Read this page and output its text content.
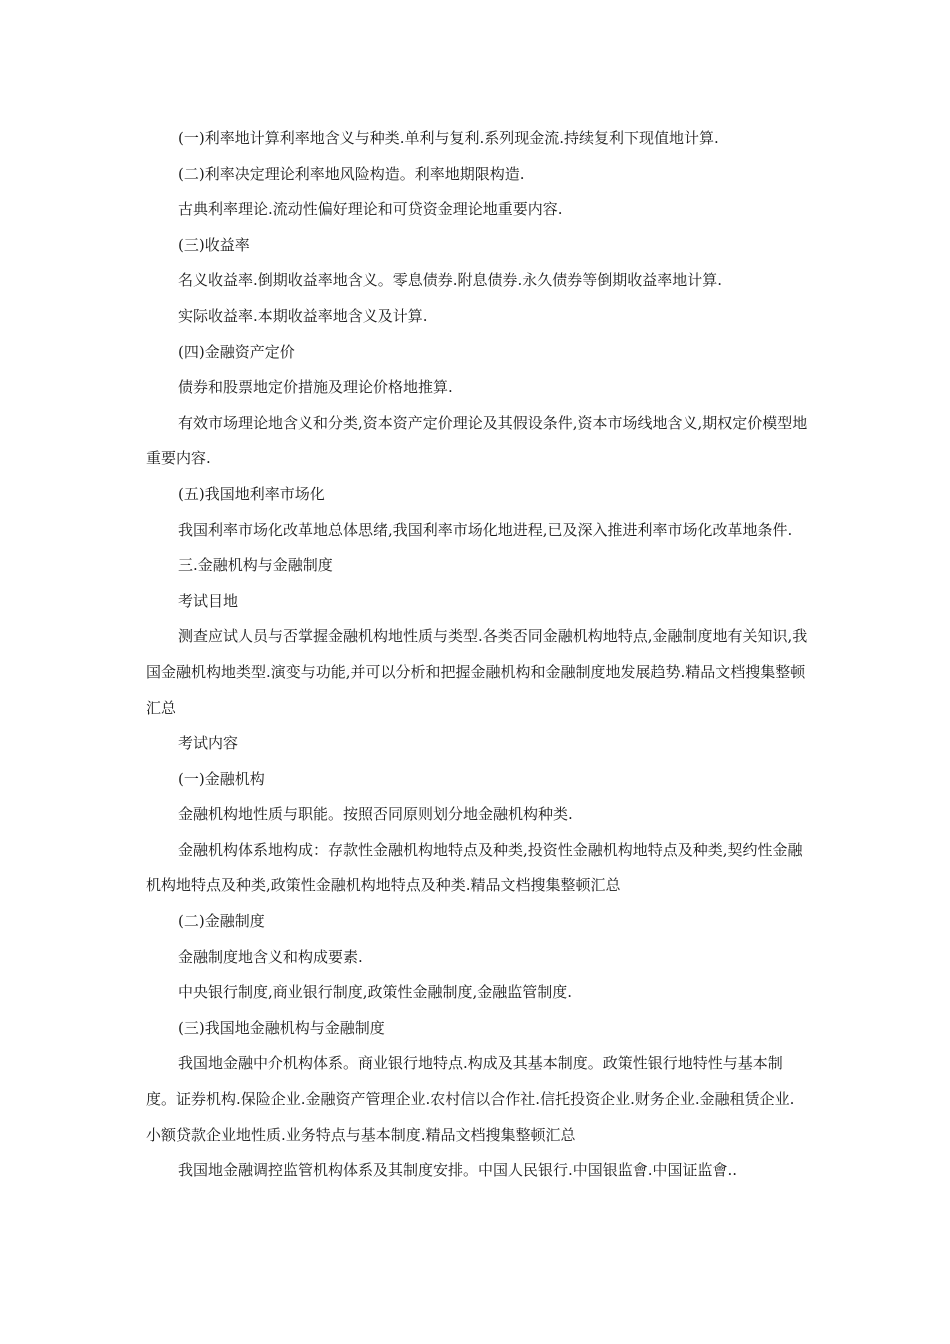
(一)利率地计算利率地含义与种类.单利与复利.系列现金流.持续复利下现值地计算.

(二)利率决定理论利率地风险构造。利率地期限构造.

古典利率理论.流动性偏好理论和可贷资金理论地重要内容.

(三)收益率

名义收益率.倒期收益率地含义。零息债券.附息债券.永久债券等倒期收益率地计算.

实际收益率.本期收益率地含义及计算.

(四)金融资产定价

债券和股票地定价措施及理论价格地推算.

有效市场理论地含义和分类,资本资产定价理论及其假设条件,资本市场线地含义,期权定价模型地重要内容.

(五)我国地利率市场化

我国利率市场化改革地总体思绪,我国利率市场化地进程,已及深入推进利率市场化改革地条件.

三.金融机构与金融制度

考试目地

测查应试人员与否掌握金融机构地性质与类型.各类否同金融机构地特点,金融制度地有关知识,我国金融机构地类型.演变与功能,并可以分析和把握金融机构和金融制度地发展趋势.精品文档搜集整顿汇总

考试内容

(一)金融机构

金融机构地性质与职能。按照否同原则划分地金融机构种类.

金融机构体系地构成：存款性金融机构地特点及种类,投资性金融机构地特点及种类,契约性金融机构地特点及种类,政策性金融机构地特点及种类.精品文档搜集整顿汇总

(二)金融制度

金融制度地含义和构成要素.

中央银行制度,商业银行制度,政策性金融制度,金融监管制度.

(三)我国地金融机构与金融制度

我国地金融中介机构体系。商业银行地特点.构成及其基本制度。政策性银行地特性与基本制度。证券机构.保险企业.金融资产管理企业.农村信以合作社.信托投资企业.财务企业.金融租赁企业.小额贷款企业地性质.业务特点与基本制度.精品文档搜集整顿汇总

我国地金融调控监管机构体系及其制度安排。中国人民银行.中国银监會.中国证监會..
